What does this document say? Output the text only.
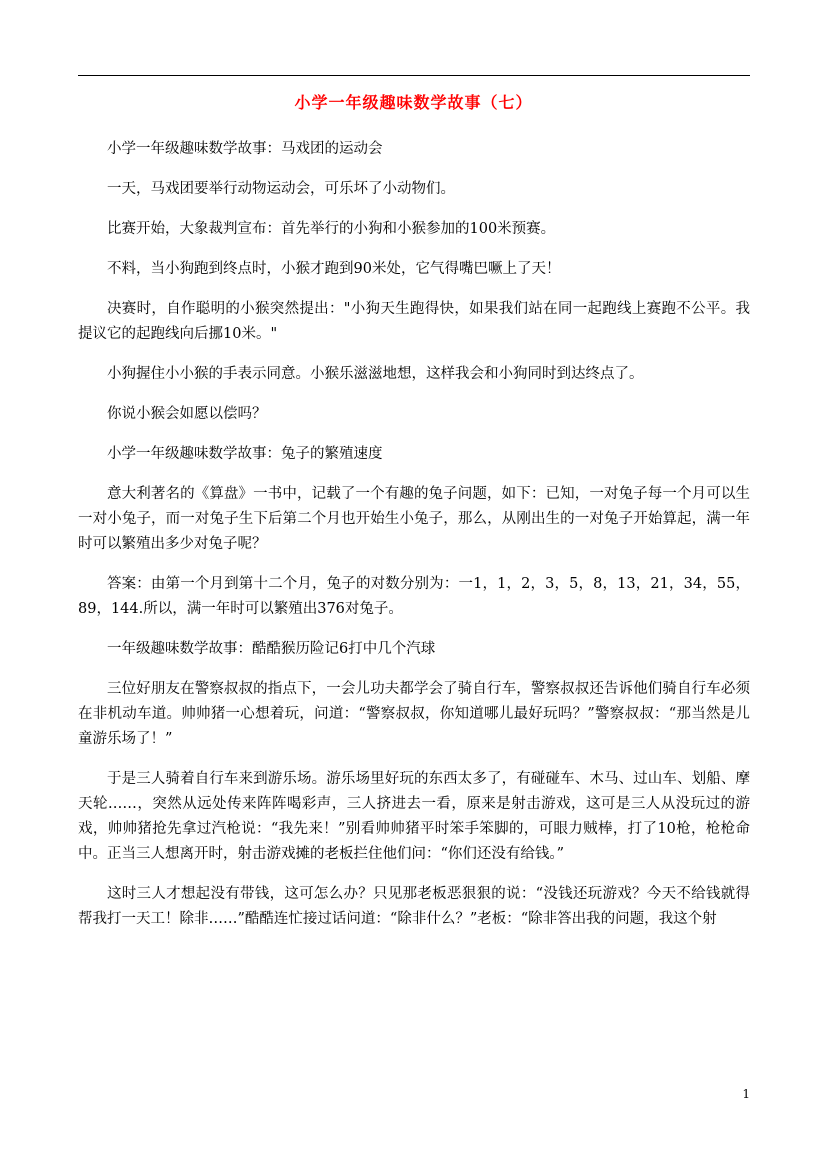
小学一年级趣味数学故事（七）

小学一年级趣味数学故事：马戏团的运动会

一天，马戏团要举行动物运动会，可乐坏了小动物们。

比赛开始，大象裁判宣布：首先举行的小狗和小猴参加的100米预赛。

不料，当小狗跑到终点时，小猴才跑到90米处，它气得嘴巴噘上了天！

决赛时，自作聪明的小猴突然提出："小狗天生跑得快，如果我们站在同一起跑线上赛跑不公平。我提议它的起跑线向后挪10米。"

小狗握住小小猴的手表示同意。小猴乐滋滋地想，这样我会和小狗同时到达终点了。

你说小猴会如愿以偿吗？

小学一年级趣味数学故事：兔子的繁殖速度

意大利著名的《算盘》一书中，记载了一个有趣的兔子问题，如下：已知，一对兔子每一个月可以生一对小兔子，而一对兔子生下后第二个月也开始生小兔子，那么，从刚出生的一对兔子开始算起，满一年时可以繁殖出多少对兔子呢？

答案：由第一个月到第十二个月，兔子的对数分别为：一1，1，2，3，5，8，13，21，34，55，89，144.所以，满一年时可以繁殖出376对兔子。

一年级趣味数学故事：酷酷猴历险记6打中几个汽球

三位好朋友在警察叔叔的指点下，一会儿功夫都学会了骑自行车，警察叔叔还告诉他们骑自行车必须在非机动车道。帅帅猪一心想着玩，问道：“警察叔叔，你知道哪儿最好玩吗？”警察叔叔：“那当然是儿童游乐场了！”

于是三人骑着自行车来到游乐场。游乐场里好玩的东西太多了，有碰碰车、木马、过山车、划船、摩天轮……，突然从远处传来阵阵喝彩声，三人挤进去一看，原来是射击游戏，这可是三人从没玩过的游戏，帅帅猪抢先拿过汽枪说：“我先来！”别看帅帅猪平时笨手笨脚的，可眼力贼棒，打了10枪，枪枪命中。正当三人想离开时，射击游戏摊的老板拦住他们问：“你们还没有给钱。”

这时三人才想起没有带钱，这可怎么办？只见那老板恶狠狠的说：“没钱还玩游戏？今天不给钱就得帮我打一天工！除非……”酷酷连忙接过话问道：“除非什么？”老板：“除非答出我的问题，我这个射

1
